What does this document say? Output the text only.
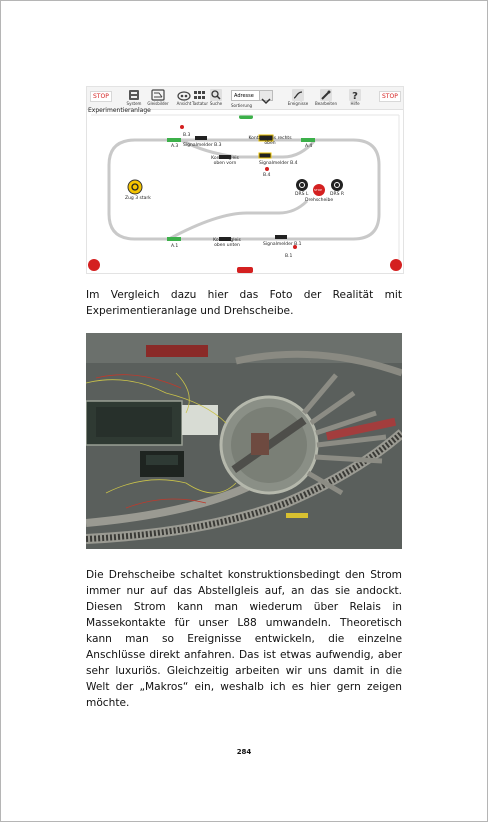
STOP	STOP
System	Gleisbilder	Ansicht Tastatur Suche
Adresse
Sortierung	Ereignisse	Bearbeiten
?
Hilfe
Experimentieranlage
A.3
B.3
Signalmelder B.3
Kontaktgleis rechts oben
A.4
Kontaktgleis oben vorn	Signalmelder B.4
B.4
Zug 3 stark
DRS L	DRS R
STOP
Drehscheibe
A.1
Kontaktgleis oben unten	Signalmelder B.1
B.1

Im Vergleich dazu hier das Foto der Realität mit Experimentieranlage und Drehscheibe.

Die Drehscheibe schaltet konstruktionsbedingt den Strom immer nur auf das Abstellgleis auf, an das sie andockt. Diesen Strom kann man wiederum über Relais in Massekontakte für unser L88 umwandeln. Theoretisch kann man so Ereignisse entwickeln, die einzelne Anschlüsse direkt anfahren. Das ist etwas aufwendig, aber sehr luxuriös. Gleichzeitig arbeiten wir uns damit in die Welt der „Makros“ ein, weshalb ich es hier gern zeigen möchte.

284
